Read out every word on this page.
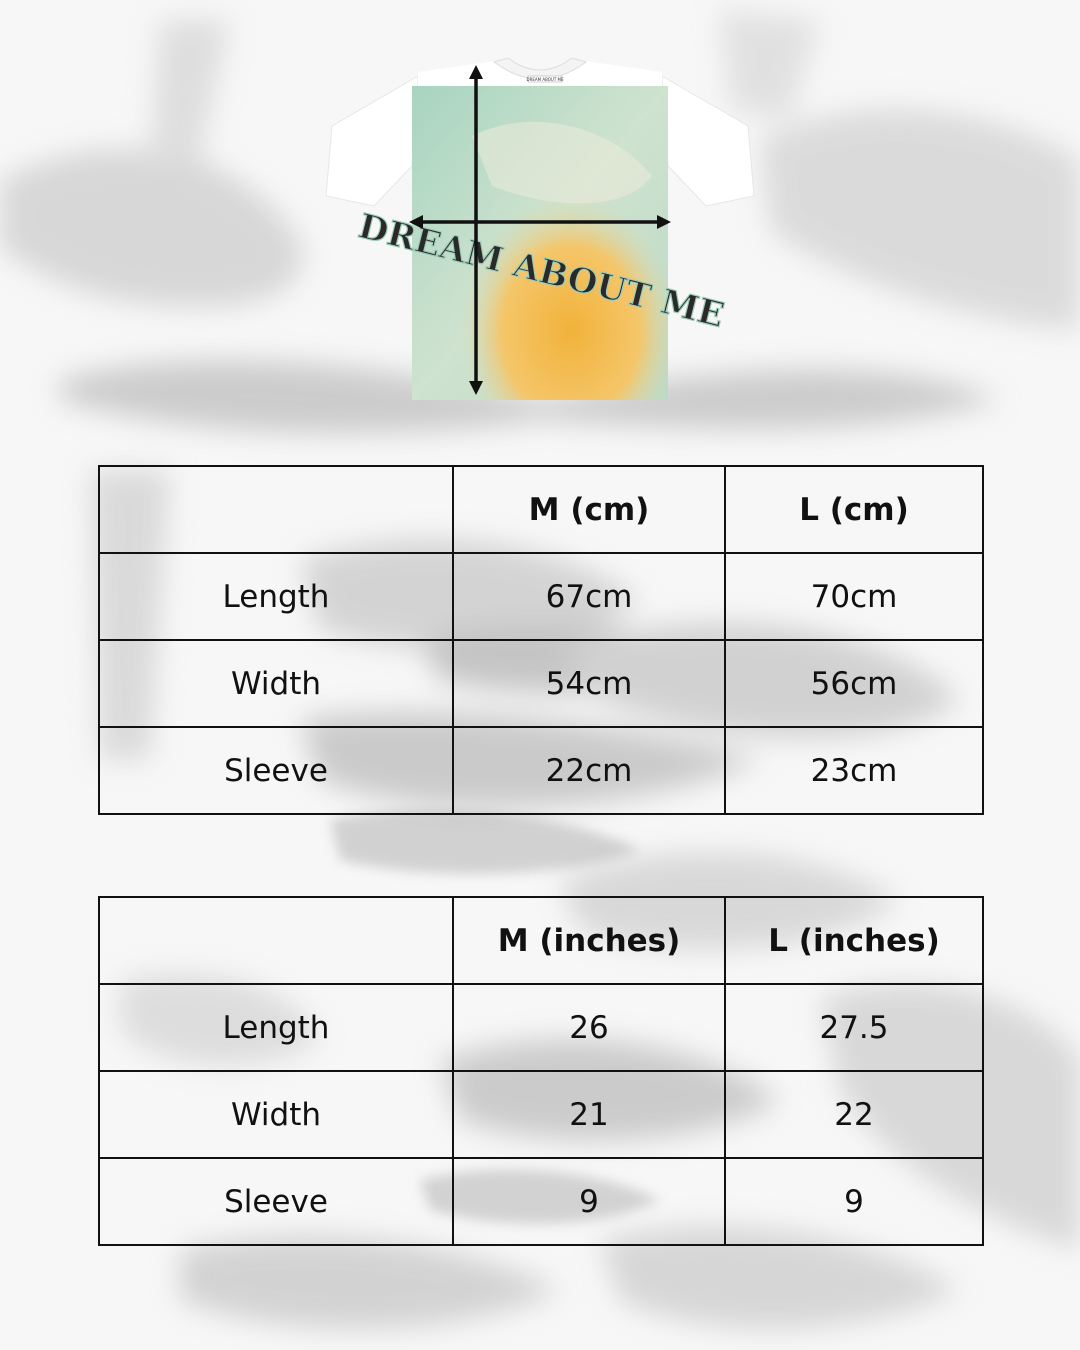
DREAM ABOUT ME
DREAM ABOUT ME
	M (cm)	L (cm)
Length	67cm	70cm
Width	54cm	56cm
Sleeve	22cm	23cm
	M (inches)	L (inches)
Length	26	27.5
Width	21	22
Sleeve	9	9
